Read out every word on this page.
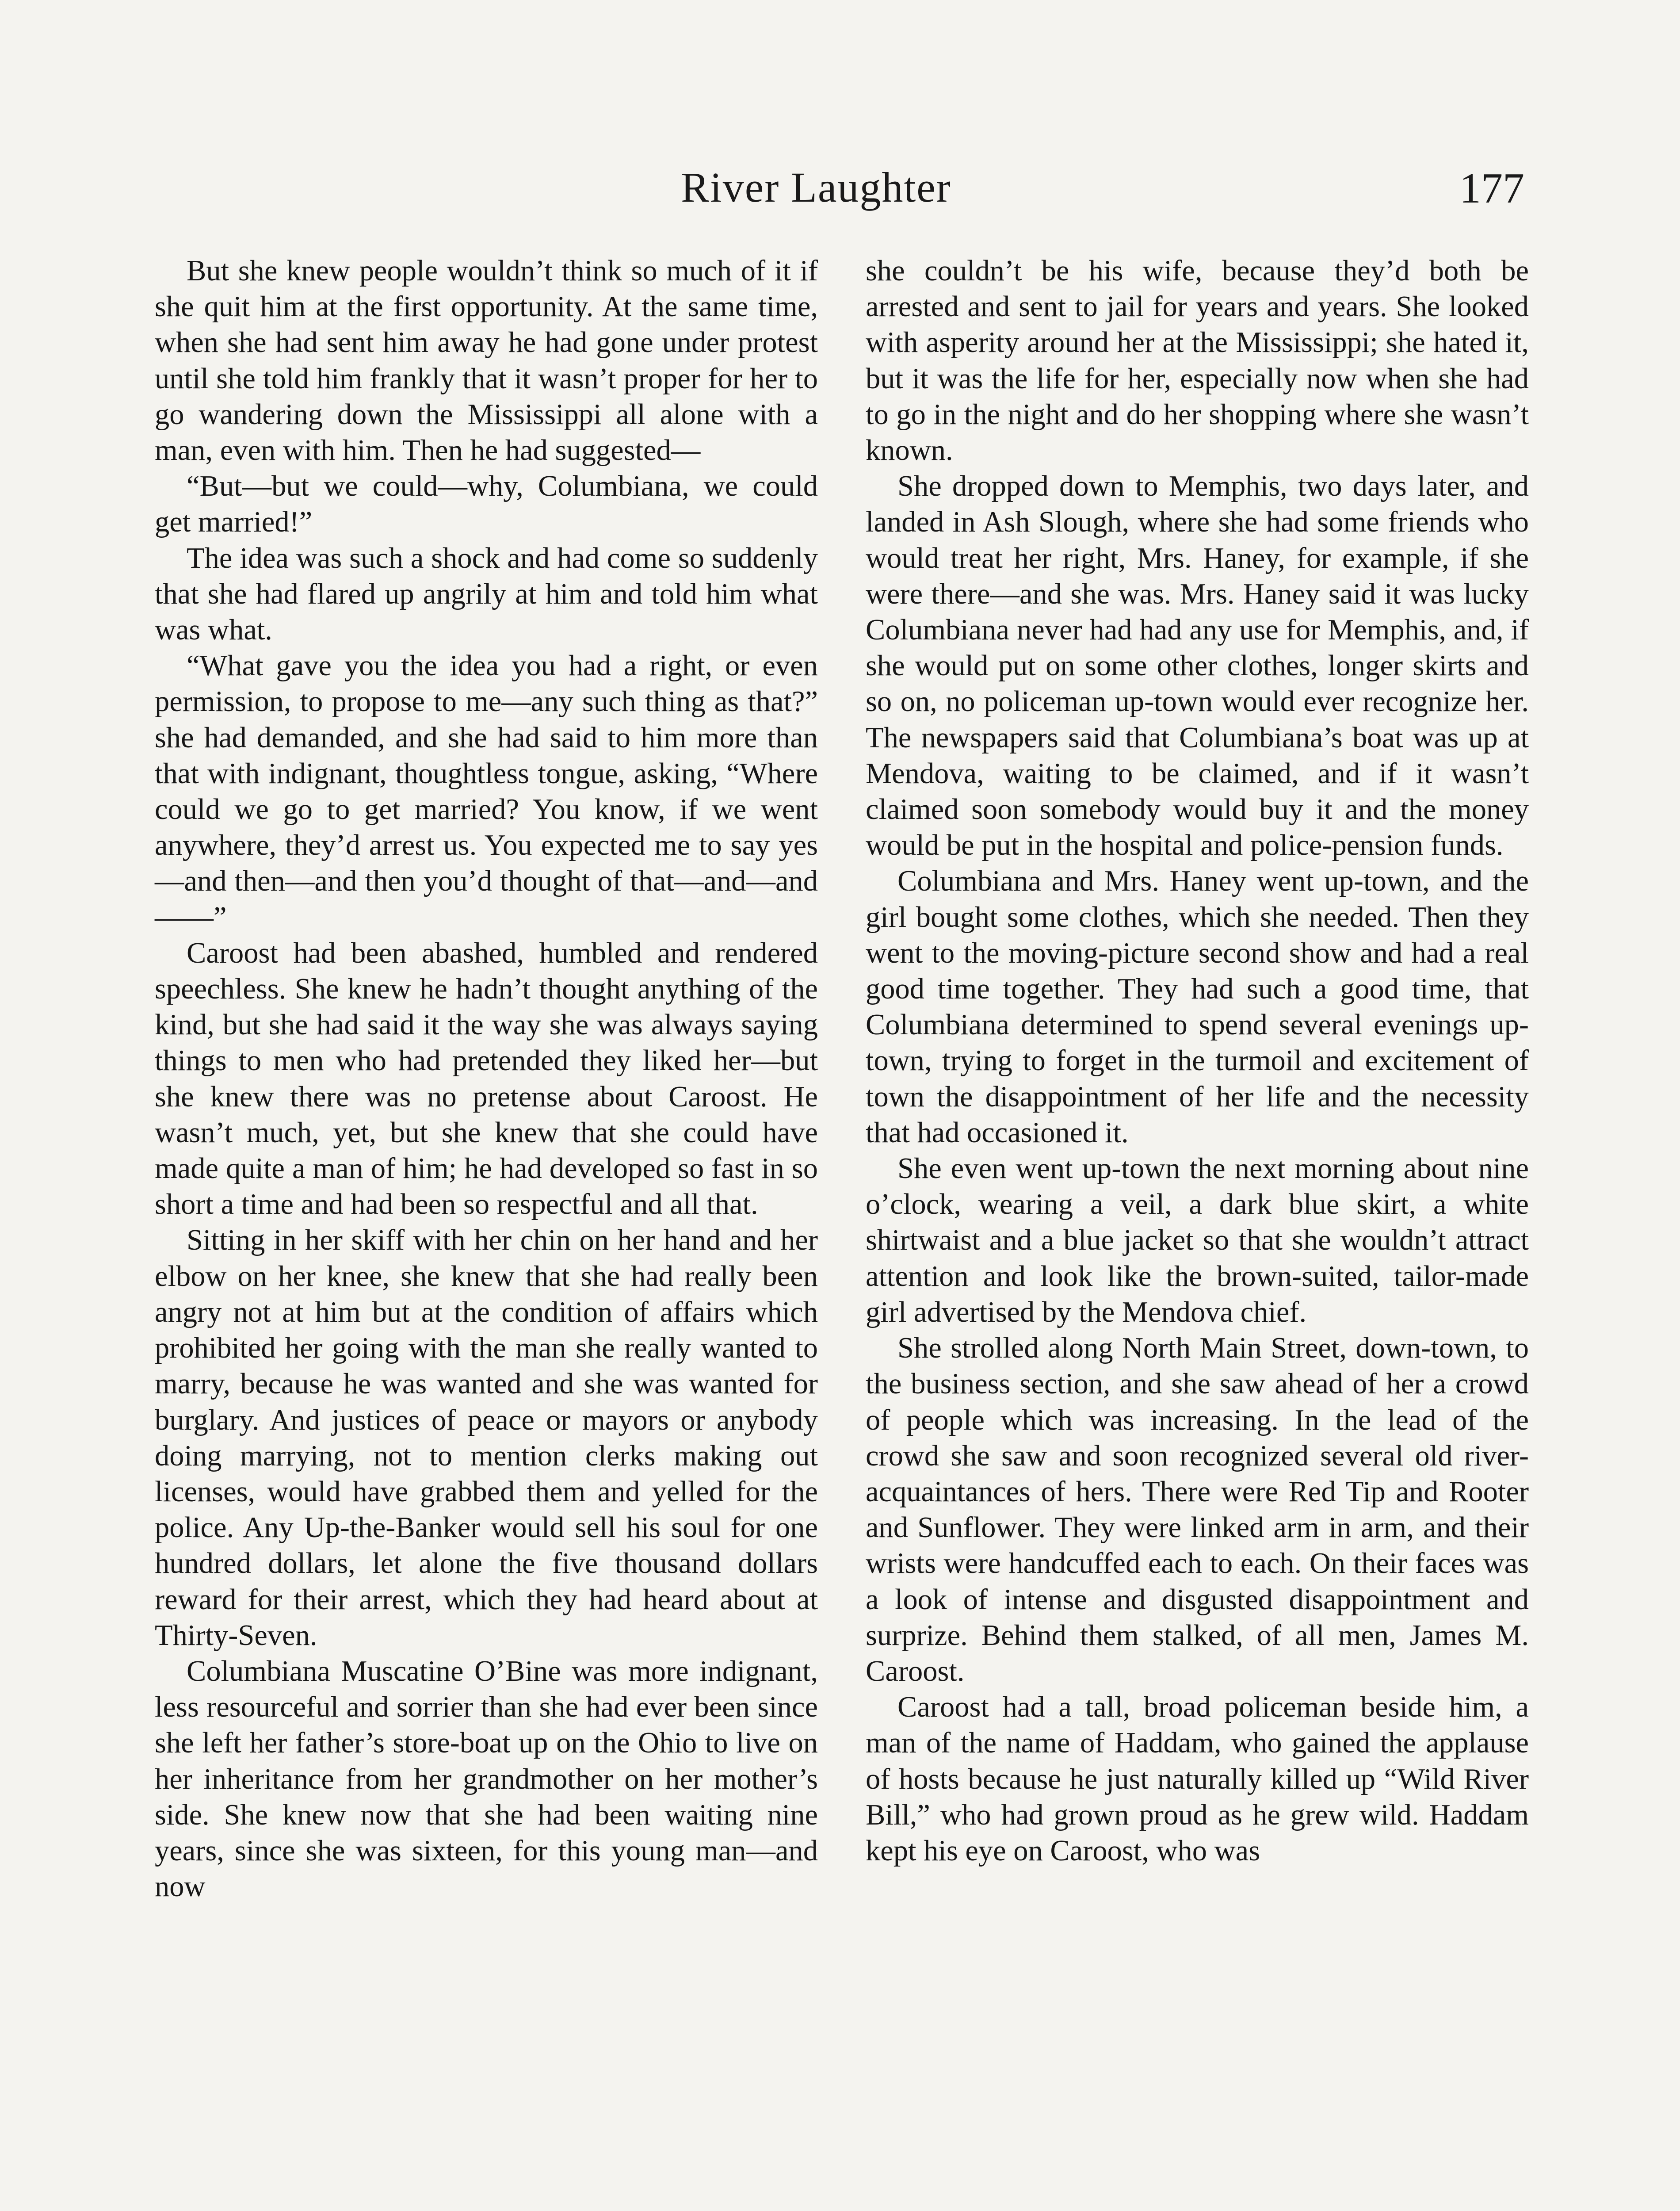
River Laughter	177

But she knew people wouldn’t think so much of it if she quit him at the first opportunity. At the same time, when she had sent him away he had gone under protest until she told him frankly that it wasn’t proper for her to go wandering down the Mississippi all alone with a man, even with him. Then he had suggested—

“But—but we could—why, Columbiana, we could get married!”

The idea was such a shock and had come so suddenly that she had flared up angrily at him and told him what was what.

“What gave you the idea you had a right, or even permission, to propose to me—any such thing as that?” she had demanded, and she had said to him more than that with indignant, thoughtless tongue, asking, “Where could we go to get married? You know, if we went anywhere, they’d arrest us. You expected me to say yes—and then—and then you’d thought of that—and—and——”

Caroost had been abashed, humbled and rendered speechless. She knew he hadn’t thought anything of the kind, but she had said it the way she was always saying things to men who had pretended they liked her—but she knew there was no pretense about Caroost. He wasn’t much, yet, but she knew that she could have made quite a man of him; he had developed so fast in so short a time and had been so respectful and all that.

Sitting in her skiff with her chin on her hand and her elbow on her knee, she knew that she had really been angry not at him but at the condition of affairs which prohibited her going with the man she really wanted to marry, because he was wanted and she was wanted for burglary. And justices of peace or mayors or anybody doing marrying, not to mention clerks making out licenses, would have grabbed them and yelled for the police. Any Up-the-Banker would sell his soul for one hundred dollars, let alone the five thousand dollars reward for their arrest, which they had heard about at Thirty-Seven.

Columbiana Muscatine O’Bine was more indignant, less resourceful and sorrier than she had ever been since she left her father’s store-boat up on the Ohio to live on her inheritance from her grandmother on her mother’s side. She knew now that she had been waiting nine years, since she was sixteen, for this young man—and now

she couldn’t be his wife, because they’d both be arrested and sent to jail for years and years. She looked with asperity around her at the Mississippi; she hated it, but it was the life for her, especially now when she had to go in the night and do her shopping where she wasn’t known.

She dropped down to Memphis, two days later, and landed in Ash Slough, where she had some friends who would treat her right, Mrs. Haney, for example, if she were there—and she was. Mrs. Haney said it was lucky Columbiana never had had any use for Memphis, and, if she would put on some other clothes, longer skirts and so on, no policeman up-town would ever recognize her. The newspapers said that Columbiana’s boat was up at Mendova, waiting to be claimed, and if it wasn’t claimed soon somebody would buy it and the money would be put in the hospital and police-pension funds.

Columbiana and Mrs. Haney went up-town, and the girl bought some clothes, which she needed. Then they went to the moving-picture second show and had a real good time together. They had such a good time, that Columbiana determined to spend several evenings up-town, trying to forget in the turmoil and excitement of town the disappointment of her life and the necessity that had occasioned it.

She even went up-town the next morning about nine o’clock, wearing a veil, a dark blue skirt, a white shirtwaist and a blue jacket so that she wouldn’t attract attention and look like the brown-suited, tailor-made girl advertised by the Mendova chief.

She strolled along North Main Street, down-town, to the business section, and she saw ahead of her a crowd of people which was increasing. In the lead of the crowd she saw and soon recognized several old river-acquaintances of hers. There were Red Tip and Rooter and Sunflower. They were linked arm in arm, and their wrists were handcuffed each to each. On their faces was a look of intense and disgusted disappointment and surprize. Behind them stalked, of all men, James M. Caroost.

Caroost had a tall, broad policeman beside him, a man of the name of Haddam, who gained the applause of hosts because he just naturally killed up “Wild River Bill,” who had grown proud as he grew wild. Haddam kept his eye on Caroost, who was
